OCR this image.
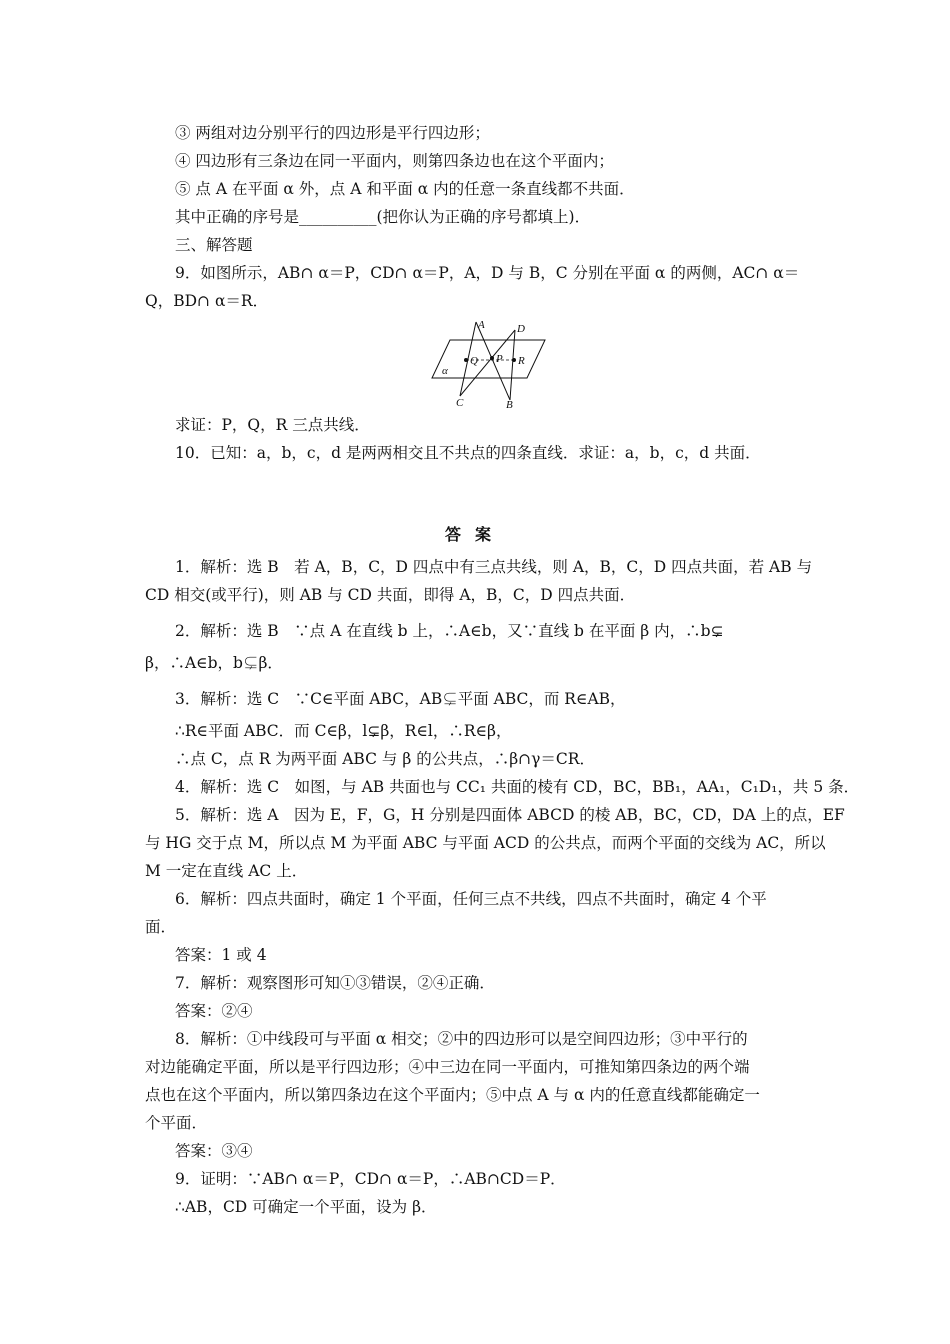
③ 两组对边分别平行的四边形是平行四边形；
④ 四边形有三条边在同一平面内，则第四条边也在这个平面内；
⑤ 点 A 在平面 α 外，点 A 和平面 α 内的任意一条直线都不共面．
其中正确的序号是__________(把你认为正确的序号都填上)．
三、解答题
9．如图所示，AB∩ α＝P，CD∩ α＝P，A，D 与 B，C 分别在平面 α 的两侧，AC∩ α＝
Q，BD∩ α＝R．
A	D
Q P R
α
C	B
求证：P，Q，R 三点共线．
10．已知：a，b，c，d 是两两相交且不共点的四条直线．求证：a，b，c，d 共面．
答案
1．解析：选 B　若 A，B，C，D 四点中有三点共线，则 A，B，C，D 四点共面，若 AB 与
CD 相交(或平行)，则 AB 与 CD 共面，即得 A，B，C，D 四点共面．
2．解析：选 B　∵点 A 在直线 b 上，∴A∈b，又∵直线 b 在平面 β 内，∴b⊊
β，∴A∈b，b⊊β．
3．解析：选 C　∵C∈平面 ABC，AB⊊平面 ABC，而 R∈AB，
∴R∈平面 ABC．而 C∈β，l⊊β，R∈l，∴R∈β，
∴点 C，点 R 为两平面 ABC 与 β 的公共点，∴β∩γ＝CR．
4．解析：选 C　如图，与 AB 共面也与 CC₁ 共面的棱有 CD，BC，BB₁，AA₁，C₁D₁，共 5 条．
5．解析：选 A　因为 E，F，G，H 分别是四面体 ABCD 的棱 AB，BC，CD，DA 上的点，EF
与 HG 交于点 M，所以点 M 为平面 ABC 与平面 ACD 的公共点，而两个平面的交线为 AC，所以
M 一定在直线 AC 上．
6．解析：四点共面时，确定 1 个平面，任何三点不共线，四点不共面时，确定 4 个平
面．
答案：1 或 4
7．解析：观察图形可知①③错误，②④正确．
答案：②④
8．解析：①中线段可与平面 α 相交；②中的四边形可以是空间四边形；③中平行的
对边能确定平面，所以是平行四边形；④中三边在同一平面内，可推知第四条边的两个端
点也在这个平面内，所以第四条边在这个平面内；⑤中点 A 与 α 内的任意直线都能确定一
个平面．
答案：③④
9．证明：∵AB∩ α＝P，CD∩ α＝P，∴AB∩CD＝P．
∴AB，CD 可确定一个平面，设为 β．
